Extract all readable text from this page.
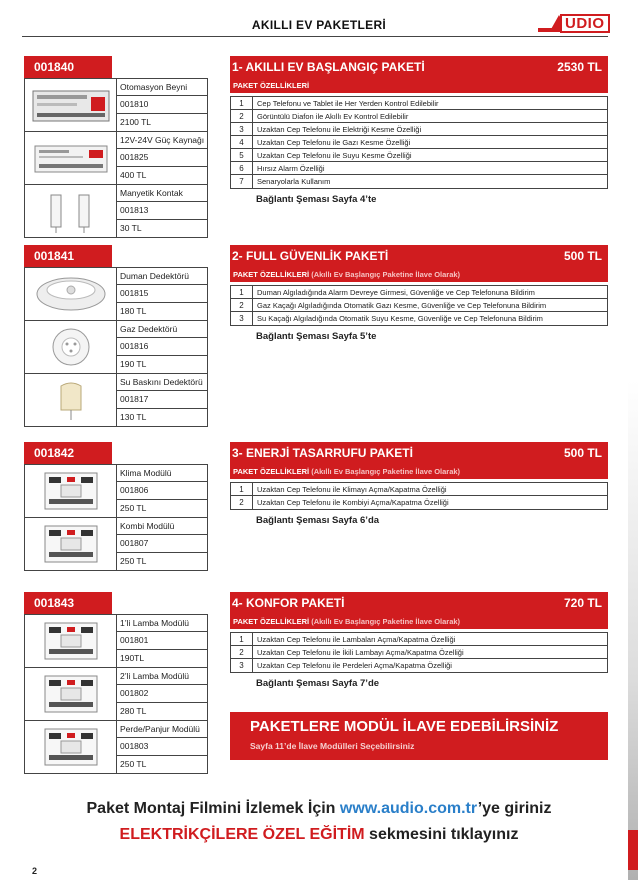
AKILLI EV PAKETLERİ	UDIO
001840	1- AKILLI EV BAŞLANGIÇ PAKETİ	2530 TL
Otomasyon Beyni
001810
2100 TL
12V-24V Güç Kaynağı
001825
400 TL
Manyetik Kontak
001813
30 TL
PAKET ÖZELLİKLERİ
1	Cep Telefonu ve Tablet ile Her Yerden Kontrol Edilebilir
2	Görüntülü Diafon ile Akıllı Ev Kontrol Edilebilir
3	Uzaktan Cep Telefonu ile Elektriği Kesme Özelliği
4	Uzaktan Cep Telefonu ile Gazı Kesme Özelliği
5	Uzaktan Cep Telefonu ile Suyu Kesme Özelliği
6	Hırsız Alarm Özelliği
7	Senaryolarla Kullanım
Bağlantı Şeması Sayfa 4’te
001841	2- FULL GÜVENLİK PAKETİ	500 TL
Duman Dedektörü
001815
180 TL
Gaz Dedektörü
001816
190 TL
Su Baskını Dedektörü
001817
130 TL
PAKET ÖZELLİKLERİ (Akıllı Ev Başlangıç Paketine İlave Olarak)
1	Duman Algıladığında Alarm Devreye Girmesi, Güvenliğe ve Cep Telefonuna Bildirim
2	Gaz Kaçağı Algıladığında Otomatik Gazı Kesme, Güvenliğe ve Cep Telefonuna Bildirim
3	Su Kaçağı Algıladığında Otomatik Suyu Kesme, Güvenliğe ve Cep Telefonuna Bildirim
Bağlantı Şeması Sayfa 5’te
001842	3- ENERJİ TASARRUFU PAKETİ	500 TL
Klima Modülü
001806
250 TL
Kombi Modülü
001807
250 TL
PAKET ÖZELLİKLERİ (Akıllı Ev Başlangıç Paketine İlave Olarak)
1	Uzaktan Cep Telefonu ile Klimayı Açma/Kapatma Özelliği
2	Uzaktan Cep Telefonu ile Kombiyi Açma/Kapatma Özelliği
Bağlantı Şeması Sayfa 6’da
001843	4- KONFOR PAKETİ	720 TL
1’li Lamba Modülü
001801
190TL
2’li Lamba Modülü
001802
280 TL
Perde/Panjur Modülü
001803
250 TL
PAKET ÖZELLİKLERİ (Akıllı Ev Başlangıç Paketine İlave Olarak)
1	Uzaktan Cep Telefonu ile Lambaları Açma/Kapatma Özelliği
2	Uzaktan Cep Telefonu ile İkili Lambayı Açma/Kapatma Özelliği
3	Uzaktan Cep Telefonu ile Perdeleri Açma/Kapatma Özelliği
Bağlantı Şeması Sayfa 7’de
PAKETLERE MODÜL İLAVE EDEBİLİRSİNİZ
Sayfa 11’de İlave Modülleri Seçebilirsiniz
Paket Montaj Filmini İzlemek İçin www.audio.com.tr’ye giriniz
ELEKTRİKÇİLERE ÖZEL EĞİTİM sekmesini tıklayınız
2
